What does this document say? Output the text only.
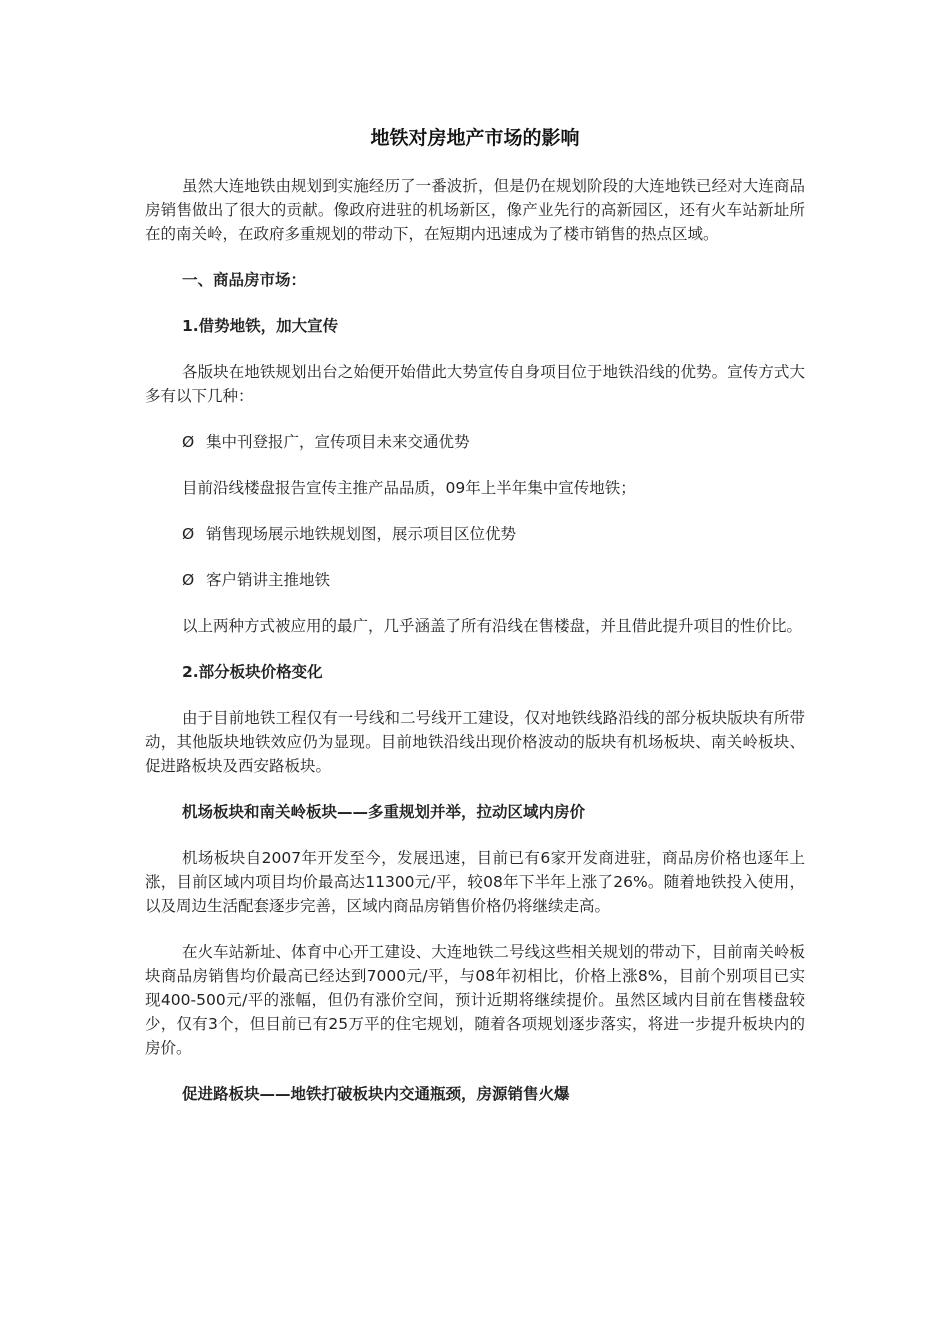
地铁对房地产市场的影响

虽然大连地铁由规划到实施经历了一番波折，但是仍在规划阶段的大连地铁已经对大连商品房销售做出了很大的贡献。像政府进驻的机场新区，像产业先行的高新园区，还有火车站新址所在的南关岭，在政府多重规划的带动下，在短期内迅速成为了楼市销售的热点区域。

一、商品房市场：
1.借势地铁，加大宣传

各版块在地铁规划出台之始便开始借此大势宣传自身项目位于地铁沿线的优势。宣传方式大多有以下几种：

Ø 集中刊登报广，宣传项目未来交通优势
目前沿线楼盘报告宣传主推产品品质，09年上半年集中宣传地铁；
Ø 销售现场展示地铁规划图，展示项目区位优势
Ø 客户销讲主推地铁

以上两种方式被应用的最广，几乎涵盖了所有沿线在售楼盘，并且借此提升项目的性价比。

2.部分板块价格变化

由于目前地铁工程仅有一号线和二号线开工建设，仅对地铁线路沿线的部分板块版块有所带动，其他版块地铁效应仍为显现。目前地铁沿线出现价格波动的版块有机场板块、南关岭板块、促进路板块及西安路板块。

机场板块和南关岭板块——多重规划并举，拉动区域内房价

机场板块自2007年开发至今，发展迅速，目前已有6家开发商进驻，商品房价格也逐年上涨，目前区域内项目均价最高达11300元/平，较08年下半年上涨了26%。随着地铁投入使用，以及周边生活配套逐步完善，区域内商品房销售价格仍将继续走高。

在火车站新址、体育中心开工建设、大连地铁二号线这些相关规划的带动下，目前南关岭板块商品房销售均价最高已经达到7000元/平，与08年初相比，价格上涨8%，目前个别项目已实现400-500元/平的涨幅，但仍有涨价空间，预计近期将继续提价。虽然区域内目前在售楼盘较少，仅有3个，但目前已有25万平的住宅规划，随着各项规划逐步落实，将进一步提升板块内的房价。

促进路板块——地铁打破板块内交通瓶颈，房源销售火爆
